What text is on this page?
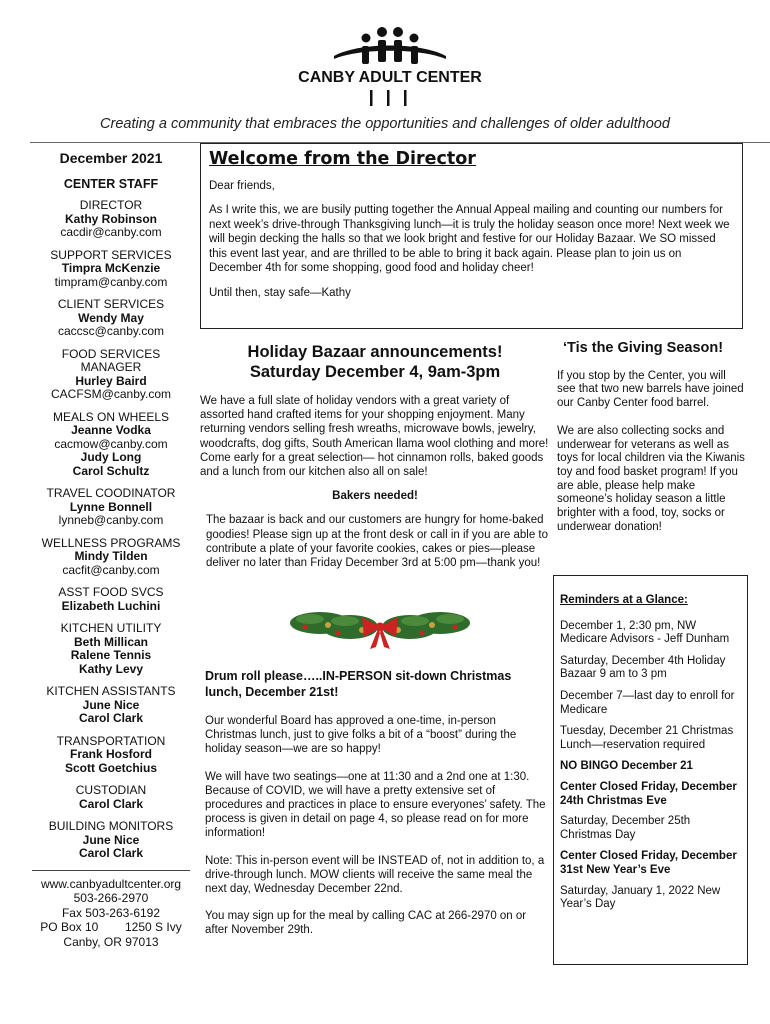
CANBY ADULT CENTER
Creating a community that embraces the opportunities and challenges of older adulthood
December 2021
CENTER STAFF
DIRECTOR
Kathy Robinson
cacdir@canby.com
SUPPORT SERVICES
Timpra McKenzie
timpram@canby.com
CLIENT SERVICES
Wendy May
caccsc@canby.com
FOOD SERVICES MANAGER
Hurley Baird
CACFSM@canby.com
MEALS ON WHEELS
Jeanne Vodka
cacmow@canby.com
Judy Long
Carol Schultz
TRAVEL COODINATOR
Lynne Bonnell
lynneb@canby.com
WELLNESS PROGRAMS
Mindy Tilden
cacfit@canby.com
ASST FOOD SVCS
Elizabeth Luchini
KITCHEN UTILITY
Beth Millican
Ralene Tennis
Kathy Levy
KITCHEN ASSISTANTS
June Nice
Carol Clark
TRANSPORTATION
Frank Hosford
Scott Goetchius
CUSTODIAN
Carol Clark
BUILDING MONITORS
June Nice
Carol Clark
www.canbyadultcenter.org
503-266-2970
Fax 503-263-6192
PO Box 10        1250 S Ivy
Canby, OR 97013
Welcome from the Director

Dear friends,

As I write this, we are busily putting together the Annual Appeal mailing and counting our numbers for next week’s drive-through Thanksgiving lunch—it is truly the holiday season once more! Next week we will begin decking the halls so that we look bright and festive for our Holiday Bazaar. We SO missed this event last year, and are thrilled to be able to bring it back again. Please plan to join us on December 4th for some shopping, good food and holiday cheer!

Until then, stay safe—Kathy

Holiday Bazaar announcements!
Saturday December 4, 9am-3pm

We have a full slate of holiday vendors with a great variety of assorted hand crafted items for your shopping enjoyment. Many returning vendors selling fresh wreaths, microwave bowls, jewelry, woodcrafts, dog gifts, South American llama wool clothing and more! Come early for a great selection— hot cinnamon rolls, baked goods and a lunch from our kitchen also all on sale!

Bakers needed!

The bazaar is back and our customers are hungry for home-baked goodies! Please sign up at the front desk or call in if you are able to contribute a plate of your favorite cookies, cakes or pies—please deliver no later than Friday December 3rd at 5:00 pm—thank you!

Drum roll please…..IN-PERSON sit-down Christmas lunch, December 21st!

Our wonderful Board has approved a one-time, in-person Christmas lunch, just to give folks a bit of a “boost” during the holiday season—we are so happy!

We will have two seatings—one at 11:30 and a 2nd one at 1:30. Because of COVID, we will have a pretty extensive set of procedures and practices in place to ensure everyones’ safety. The process is given in detail on page 4, so please read on for more information!

Note: This in-person event will be INSTEAD of, not in addition to, a drive-through lunch. MOW clients will receive the same meal the next day, Wednesday December 22nd.

You may sign up for the meal by calling CAC at 266-2970 on or after November 29th.

‘Tis the Giving Season!

If you stop by the Center, you will see that two new barrels have joined our Canby Center food barrel.

We are also collecting socks and underwear for veterans as well as toys for local children via the Kiwanis toy and food basket program! If you are able, please help make someone’s holiday season a little brighter with a food, toy, socks or underwear donation!

Reminders at a Glance:
December 1, 2:30 pm, NW Medicare Advisors - Jeff Dunham
Saturday, December 4th Holiday Bazaar 9 am to 3 pm
December 7—last day to enroll for Medicare
Tuesday, December 21 Christmas Lunch—reservation required
NO BINGO December 21
Center Closed Friday, December 24th Christmas Eve
Saturday, December 25th Christmas Day
Center Closed Friday, December 31st New Year’s Eve
Saturday, January 1, 2022 New Year’s Day
